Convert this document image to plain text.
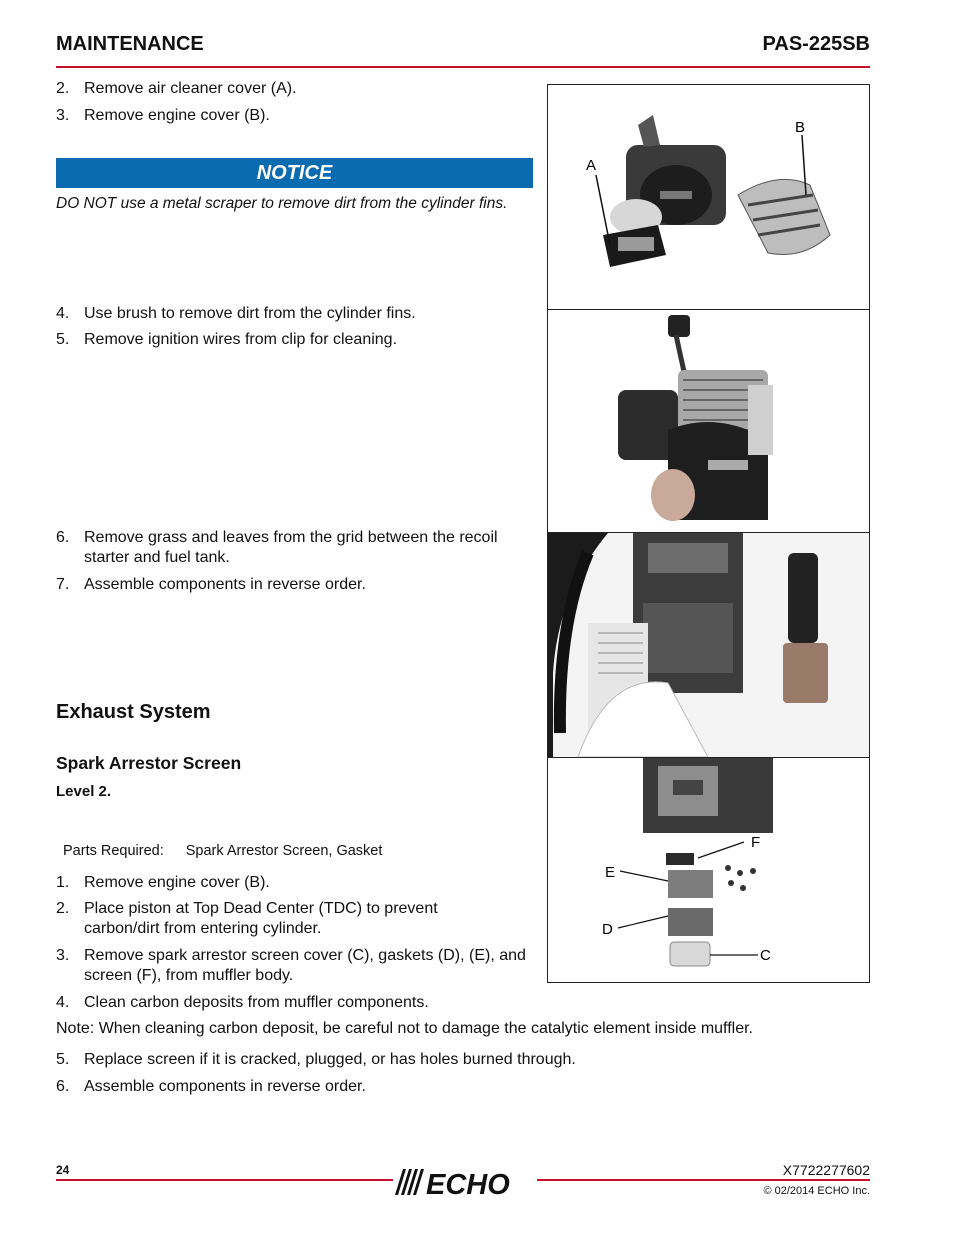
MAINTENANCE	PAS-225SB
2. Remove air cleaner cover (A).
3. Remove engine cover (B).
NOTICE
DO NOT use a metal scraper to remove dirt from the cylinder fins.
4. Use brush to remove dirt from the cylinder fins.
5. Remove ignition wires from clip for cleaning.
6. Remove grass and leaves from the grid between the recoil starter and fuel tank.
7. Assemble components in reverse order.
Exhaust System
Spark Arrestor Screen
Level 2.
Parts Required: Spark Arrestor Screen, Gasket
1. Remove engine cover (B).
2. Place piston at Top Dead Center (TDC) to prevent carbon/dirt from entering cylinder.
3. Remove spark arrestor screen cover (C), gaskets (D), (E), and screen (F), from muffler body.
4. Clean carbon deposits from muffler components.
Note: When cleaning carbon deposit, be careful not to damage the catalytic element inside muffler.
5. Replace screen if it is cracked, plugged, or has holes burned through.
6. Assemble components in reverse order.
A
B
F
E
D
C
24	ECHO	X7722277602
© 02/2014 ECHO Inc.
